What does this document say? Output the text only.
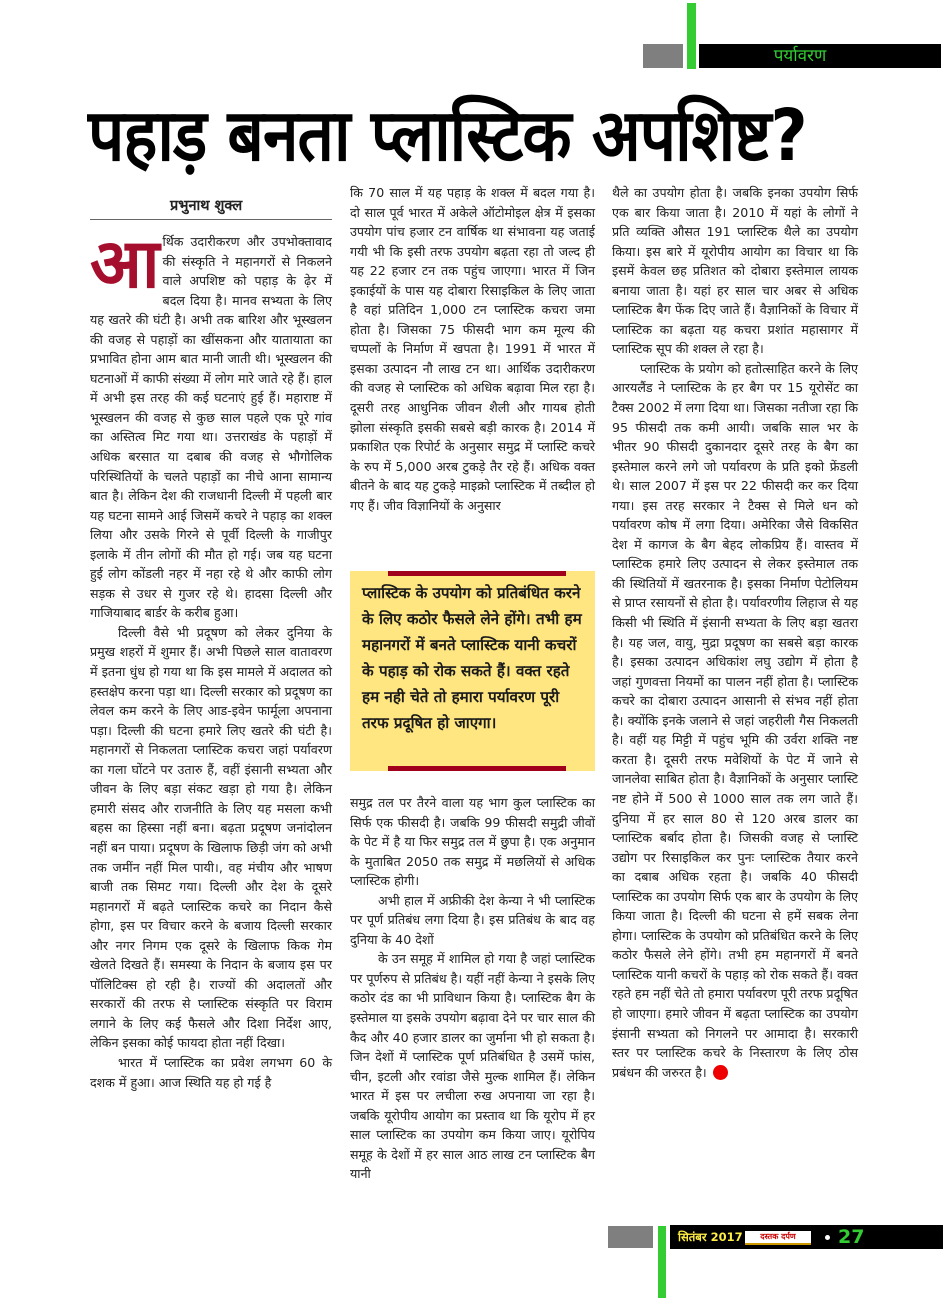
पर्यावरण
पहाड़ बनता प्लास्टिक अपशिष्ट?
प्रभुनाथ शुक्ल

आर्थिक उदारीकरण और उपभोक्तावाद की संस्कृति ने महानगरों से निकलने वाले अपशिष्ट को पहाड़ के ढ़ेर में बदल दिया है। मानव सभ्यता के लिए यह खतरे की घंटी है। अभी तक बारिश और भूस्खलन की वजह से पहाड़ों का खींसकना और यातायाता का प्रभावित होना आम बात मानी जाती थी। भूस्खलन की घटनाओं में काफी संख्या में लोग मारे जाते रहे हैं। हाल में अभी इस तरह की कई घटनाएं हुई हैं। महाराष्ट में भूस्खलन की वजह से कुछ साल पहले एक पूरे गांव का अस्तित्व मिट गया था। उत्तराखंड के पहाड़ों में अधिक बरसात या दबाब की वजह से भौगोलिक परिस्थितियों के चलते पहाड़ों का नीचे आना सामान्य बात है। लेकिन देश की राजधानी दिल्ली में पहली बार यह घटना सामने आई जिसमें कचरे ने पहाड़ का शक्ल लिया और उसके गिरने से पूर्वी दिल्ली के गाजीपुर इलाके में तीन लोगों की मौत हो गई। जब यह घटना हुई लोग कोंडली नहर में नहा रहे थे और काफी लोग सड़क से उधर से गुजर रहे थे। हादसा दिल्ली और गाजियाबाद बार्डर के करीब हुआ।

दिल्ली वैसे भी प्रदूषण को लेकर दुनिया के प्रमुख शहरों में शुमार हैं। अभी पिछले साल वातावरण में इतना धुंध हो गया था कि इस मामले में अदालत को हस्तक्षेप करना पड़ा था। दिल्ली सरकार को प्रदूषण का लेवल कम करने के लिए आड-इवेन फार्मूला अपनाना पड़ा। दिल्ली की घटना हमारे लिए खतरे की घंटी है। महानगरों से निकलता प्लास्टिक कचरा जहां पर्यावरण का गला घोंटने पर उतारु हैं, वहीं इंसानी सभ्यता और जीवन के लिए बड़ा संकट खड़ा हो गया है। लेकिन हमारी संसद और राजनीति के लिए यह मसला कभी बहस का हिस्सा नहीं बना। बढ़ता प्रदूषण जनांदोलन नहीं बन पाया। प्रदूषण के खिलाफ छिड़ी जंग को अभी तक जमींन नहीं मिल पायी।, वह मंचीय और भाषण बाजी तक सिमट गया। दिल्ली और देश के दूसरे महानगरों में बढ़ते प्लास्टिक कचरे का निदान कैसे होगा, इस पर विचार करने के बजाय दिल्ली सरकार और नगर निगम एक दूसरे के खिलाफ किक गेम खेलते दिखते हैं। समस्या के निदान के बजाय इस पर पॉलिटिक्स हो रही है। राज्यों की अदालतों और सरकारों की तरफ से प्लास्टिक संस्कृति पर विराम लगाने के लिए कई फैसले और दिशा निर्देश आए, लेकिन इसका कोई फायदा होता नहीं दिखा।

भारत में प्लास्टिक का प्रवेश लगभग 60 के दशक में हुआ। आज स्थिति यह हो गई है

कि 70 साल में यह पहाड़ के शक्ल में बदल गया है। दो साल पूर्व भारत में अकेले ऑटोमोइल क्षेत्र में इसका उपयोग पांच हजार टन वार्षिक था संभावना यह जताई गयी भी कि इसी तरफ उपयोग बढ़ता रहा तो जल्द ही यह 22 हजार टन तक पहुंच जाएगा। भारत में जिन इकाईयों के पास यह दोबारा रिसाइकिल के लिए जाता है वहां प्रतिदिन 1,000 टन प्लास्टिक कचरा जमा होता है। जिसका 75 फीसदी भाग कम मूल्य की चप्पलों के निर्माण में खपता है। 1991 में भारत में इसका उत्पादन नौ लाख टन था। आर्थिक उदारीकरण की वजह से प्लास्टिक को अधिक बढ़ावा मिल रहा है। दूसरी तरह आधुनिक जीवन शैली और गायब होती झोला संस्कृति इसकी सबसे बड़ी कारक है। 2014 में प्रकाशित एक रिपोर्ट के अनुसार समुद्र में प्लास्टि कचरे के रुप में 5,000 अरब टुकड़े तैर रहे हैं। अधिक वक्त बीतने के बाद यह टुकड़े माइक्रो प्लास्टिक में तब्दील हो गए हैं। जीव विज्ञानियों के अनुसार

प्लास्टिक के उपयोग को प्रतिबंधित करने के लिए कठोर फैसले लेने होंगे। तभी हम महानगरों में बनते प्लास्टिक यानी कचरों के पहाड़ को रोक सकते हैं। वक्त रहते हम नही चेते तो हमारा पर्यावरण पूरी तरफ प्रदूषित हो जाएगा।

समुद्र तल पर तैरने वाला यह भाग कुल प्लास्टिक का सिर्फ एक फीसदी है। जबकि 99 फीसदी समुद्री जीवों के पेट में है या फिर समुद्र तल में छुपा है। एक अनुमान के मुताबित 2050 तक समुद्र में मछलियों से अधिक प्लास्टिक होगी।

अभी हाल में अफ्रीकी देश केन्या ने भी प्लास्टिक पर पूर्ण प्रतिबंध लगा दिया है। इस प्रतिबंध के बाद वह दुनिया के 40 देशों

के उन समूह में शामिल हो गया है जहां प्लास्टिक पर पूर्णरुप से प्रतिबंध है। यहीं नहीं केन्या ने इसके लिए कठोर दंड का भी प्राविधान किया है। प्लास्टिक बैग के इस्तेमाल या इसके उपयोग बढ़ावा देने पर चार साल की कैद और 40 हजार डालर का जुर्माना भी हो सकता है। जिन देशों में प्लास्टिक पूर्ण प्रतिबंधित है उसमें फांस, चीन, इटली और रवांडा जैसे मुल्क शामिल हैं। लेकिन भारत में इस पर लचीला रुख अपनाया जा रहा है। जबकि यूरोपीय आयोग का प्रस्ताव था कि यूरोप में हर साल प्लास्टिक का उपयोग कम किया जाए। यूरोपिय समूह के देशों में हर साल आठ लाख टन प्लास्टिक बैग यानी

थैले का उपयोग होता है। जबकि इनका उपयोग सिर्फ एक बार किया जाता है। 2010 में यहां के लोगों ने प्रति व्यक्ति औसत 191 प्लास्टिक थैले का उपयोग किया। इस बारे में यूरोपीय आयोग का विचार था कि इसमें केवल छह प्रतिशत को दोबारा इस्तेमाल लायक बनाया जाता है। यहां हर साल चार अबर से अधिक प्लास्टिक बैग फेंक दिए जाते हैं। वैज्ञानिकों के विचार में प्लास्टिक का बढ़ता यह कचरा प्रशांत महासागर में प्लास्टिक सूप की शक्ल ले रहा है।

प्लास्टिक के प्रयोग को हतोत्साहित करने के लिए आरयलैंड ने प्लास्टिक के हर बैग पर 15 यूरोसेंट का टैक्स 2002 में लगा दिया था। जिसका नतीजा रहा कि 95 फीसदी तक कमी आयी। जबकि साल भर के भीतर 90 फीसदी दुकानदार दूसरे तरह के बैग का इस्तेमाल करने लगे जो पर्यावरण के प्रति इको फ्रेंडली थे। साल 2007 में इस पर 22 फीसदी कर कर दिया गया। इस तरह सरकार ने टैक्स से मिले धन को पर्यावरण कोष में लगा दिया। अमेरिका जैसे विकसित देश में कागज के बैग बेहद लोकप्रिय हैं। वास्तव में प्लास्टिक हमारे लिए उत्पादन से लेकर इस्तेमाल तक की स्थितियों में खतरनाक है। इसका निर्माण पेटोलियम से प्राप्त रसायनों से होता है। पर्यावरणीय लिहाज से यह किसी भी स्थिति में इंसानी सभ्यता के लिए बड़ा खतरा है। यह जल, वायु, मुद्रा प्रदूषण का सबसे बड़ा कारक है। इसका उत्पादन अधिकांश लघु उद्योग में होता है जहां गुणवत्ता नियमों का पालन नहीं होता है। प्लास्टिक कचरे का दोबारा उत्पादन आसानी से संभव नहीं होता है। क्योंकि इनके जलाने से जहां जहरीली गैस निकलती है। वहीं यह मिट्टी में पहुंच भूमि की उर्वरा शक्ति नष्ट करता है। दूसरी तरफ मवेशियों के पेट में जाने से जानलेवा साबित होता है। वैज्ञानिकों के अनुसार प्लास्टि नष्ट होने में 500 से 1000 साल तक लग जाते हैं। दुनिया में हर साल 80 से 120 अरब डालर का प्लास्टिक बर्बाद होता है। जिसकी वजह से प्लास्टि उद्योग पर रिसाइकिल कर पुनः प्लास्टिक तैयार करने का दबाब अधिक रहता है। जबकि 40 फीसदी प्लास्टिक का उपयोग सिर्फ एक बार के उपयोग के लिए किया जाता है। दिल्ली की घटना से हमें सबक लेना होगा। प्लास्टिक के उपयोग को प्रतिबंधित करने के लिए कठोर फैसले लेने होंगे। तभी हम महानगरों में बनते प्लास्टिक यानी कचरों के पहाड़ को रोक सकते हैं। वक्त रहते हम नहीं चेते तो हमारा पर्यावरण पूरी तरफ प्रदूषित हो जाएगा। हमारे जीवन में बढ़ता प्लास्टिक का उपयोग इंसानी सभ्यता को निगलने पर आमादा है। सरकारी स्तर पर प्लास्टिक कचरे के निस्तारण के लिए ठोस प्रबंधन की जरुरत है।

सितंबर 2017	दस्तक दर्पण	27
